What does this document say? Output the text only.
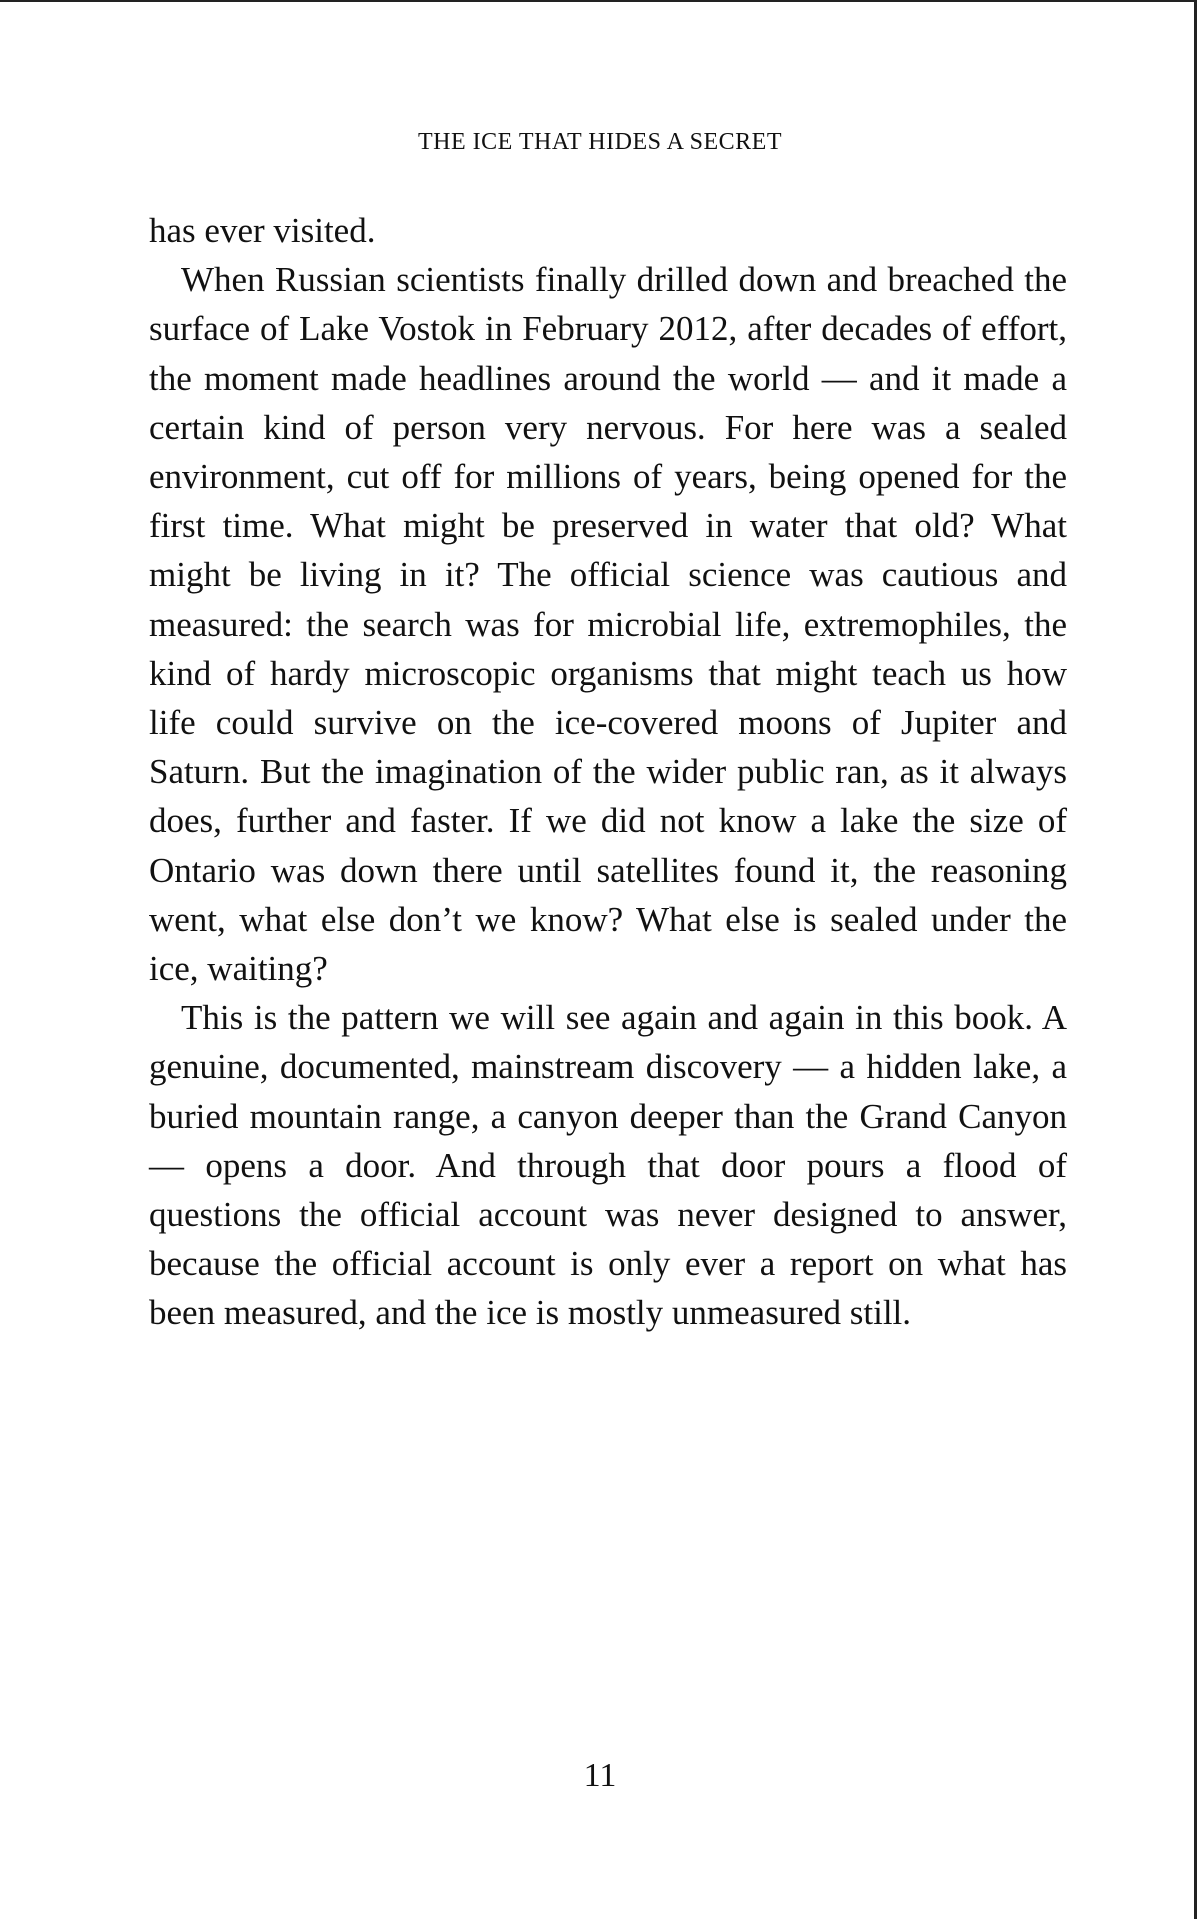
THE ICE THAT HIDES A SECRET

has ever visited.

When Russian scientists finally drilled down and breached the surface of Lake Vostok in February 2012, after decades of effort, the moment made headlines around the world — and it made a certain kind of person very nervous. For here was a sealed environment, cut off for millions of years, being opened for the first time. What might be preserved in water that old? What might be living in it? The official science was cautious and measured: the search was for microbial life, extremophiles, the kind of hardy microscopic organisms that might teach us how life could survive on the ice-covered moons of Jupiter and Saturn. But the imagination of the wider public ran, as it always does, further and faster. If we did not know a lake the size of Ontario was down there until satellites found it, the reasoning went, what else don’t we know? What else is sealed under the ice, waiting?

This is the pattern we will see again and again in this book. A genuine, documented, mainstream discovery — a hidden lake, a buried mountain range, a canyon deeper than the Grand Canyon — opens a door. And through that door pours a flood of questions the official account was never designed to answer, because the official account is only ever a report on what has been measured, and the ice is mostly unmeasured still.

11
